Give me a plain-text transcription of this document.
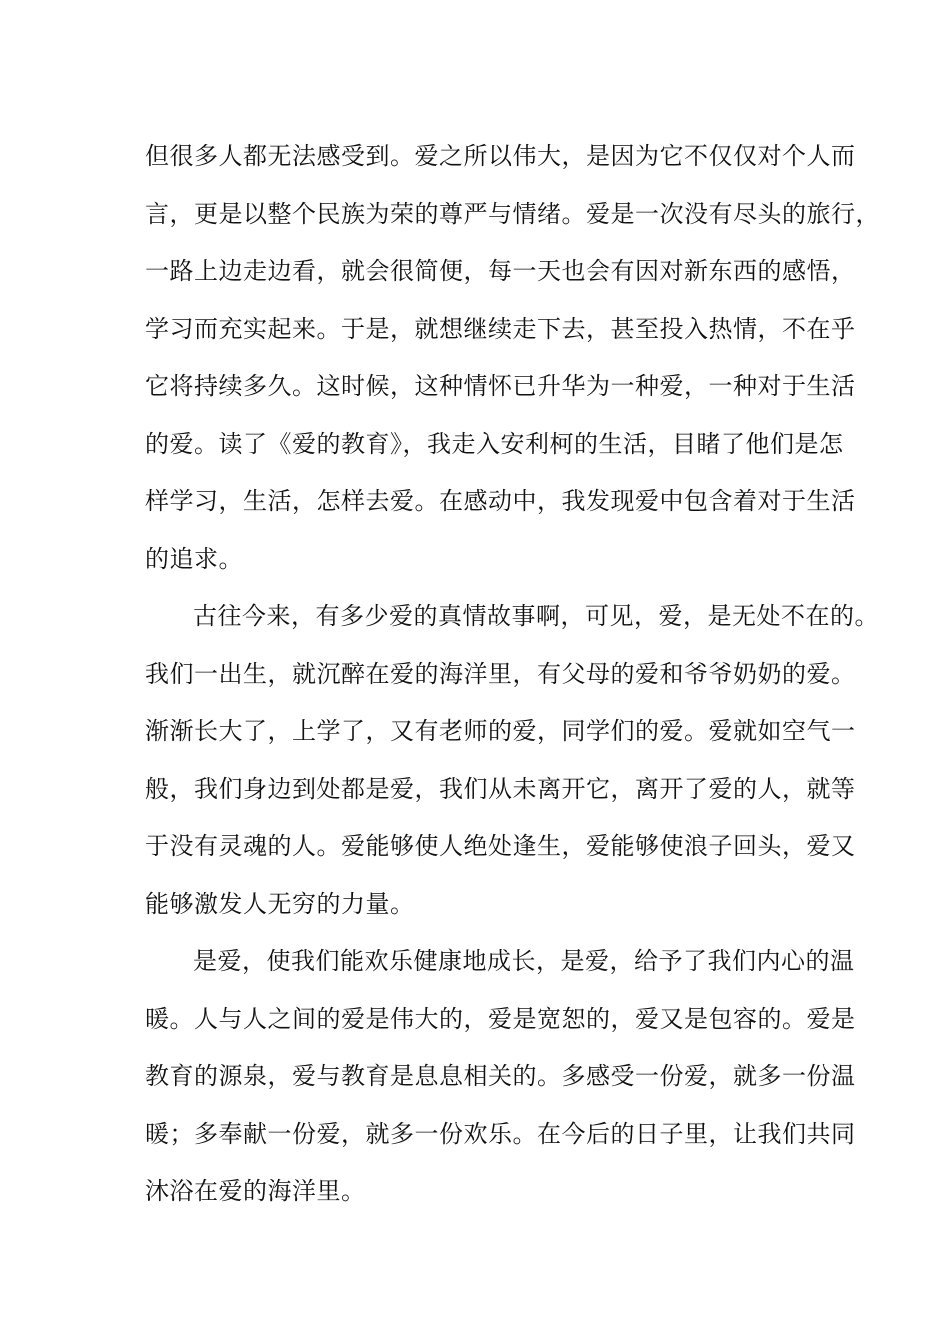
但很多人都无法感受到。爱之所以伟大，是因为它不仅仅对个人而
言，更是以整个民族为荣的尊严与情绪。爱是一次没有尽头的旅行，
一路上边走边看，就会很简便，每一天也会有因对新东西的感悟，
学习而充实起来。于是，就想继续走下去，甚至投入热情，不在乎
它将持续多久。这时候，这种情怀已升华为一种爱，一种对于生活
的爱。读了《爱的教育》，我走入安利柯的生活，目睹了他们是怎
样学习，生活，怎样去爱。在感动中，我发现爱中包含着对于生活
的追求。
古往今来，有多少爱的真情故事啊，可见，爱，是无处不在的。
我们一出生，就沉醉在爱的海洋里，有父母的爱和爷爷奶奶的爱。
渐渐长大了，上学了，又有老师的爱，同学们的爱。爱就如空气一
般，我们身边到处都是爱，我们从未离开它，离开了爱的人，就等
于没有灵魂的人。爱能够使人绝处逢生，爱能够使浪子回头，爱又
能够激发人无穷的力量。
是爱，使我们能欢乐健康地成长，是爱，给予了我们内心的温
暖。人与人之间的爱是伟大的，爱是宽恕的，爱又是包容的。爱是
教育的源泉，爱与教育是息息相关的。多感受一份爱，就多一份温
暖；多奉献一份爱，就多一份欢乐。在今后的日子里，让我们共同
沐浴在爱的海洋里。
